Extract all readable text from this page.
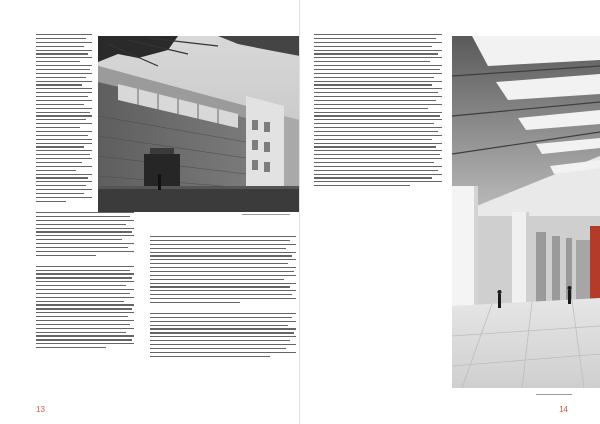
13	14
